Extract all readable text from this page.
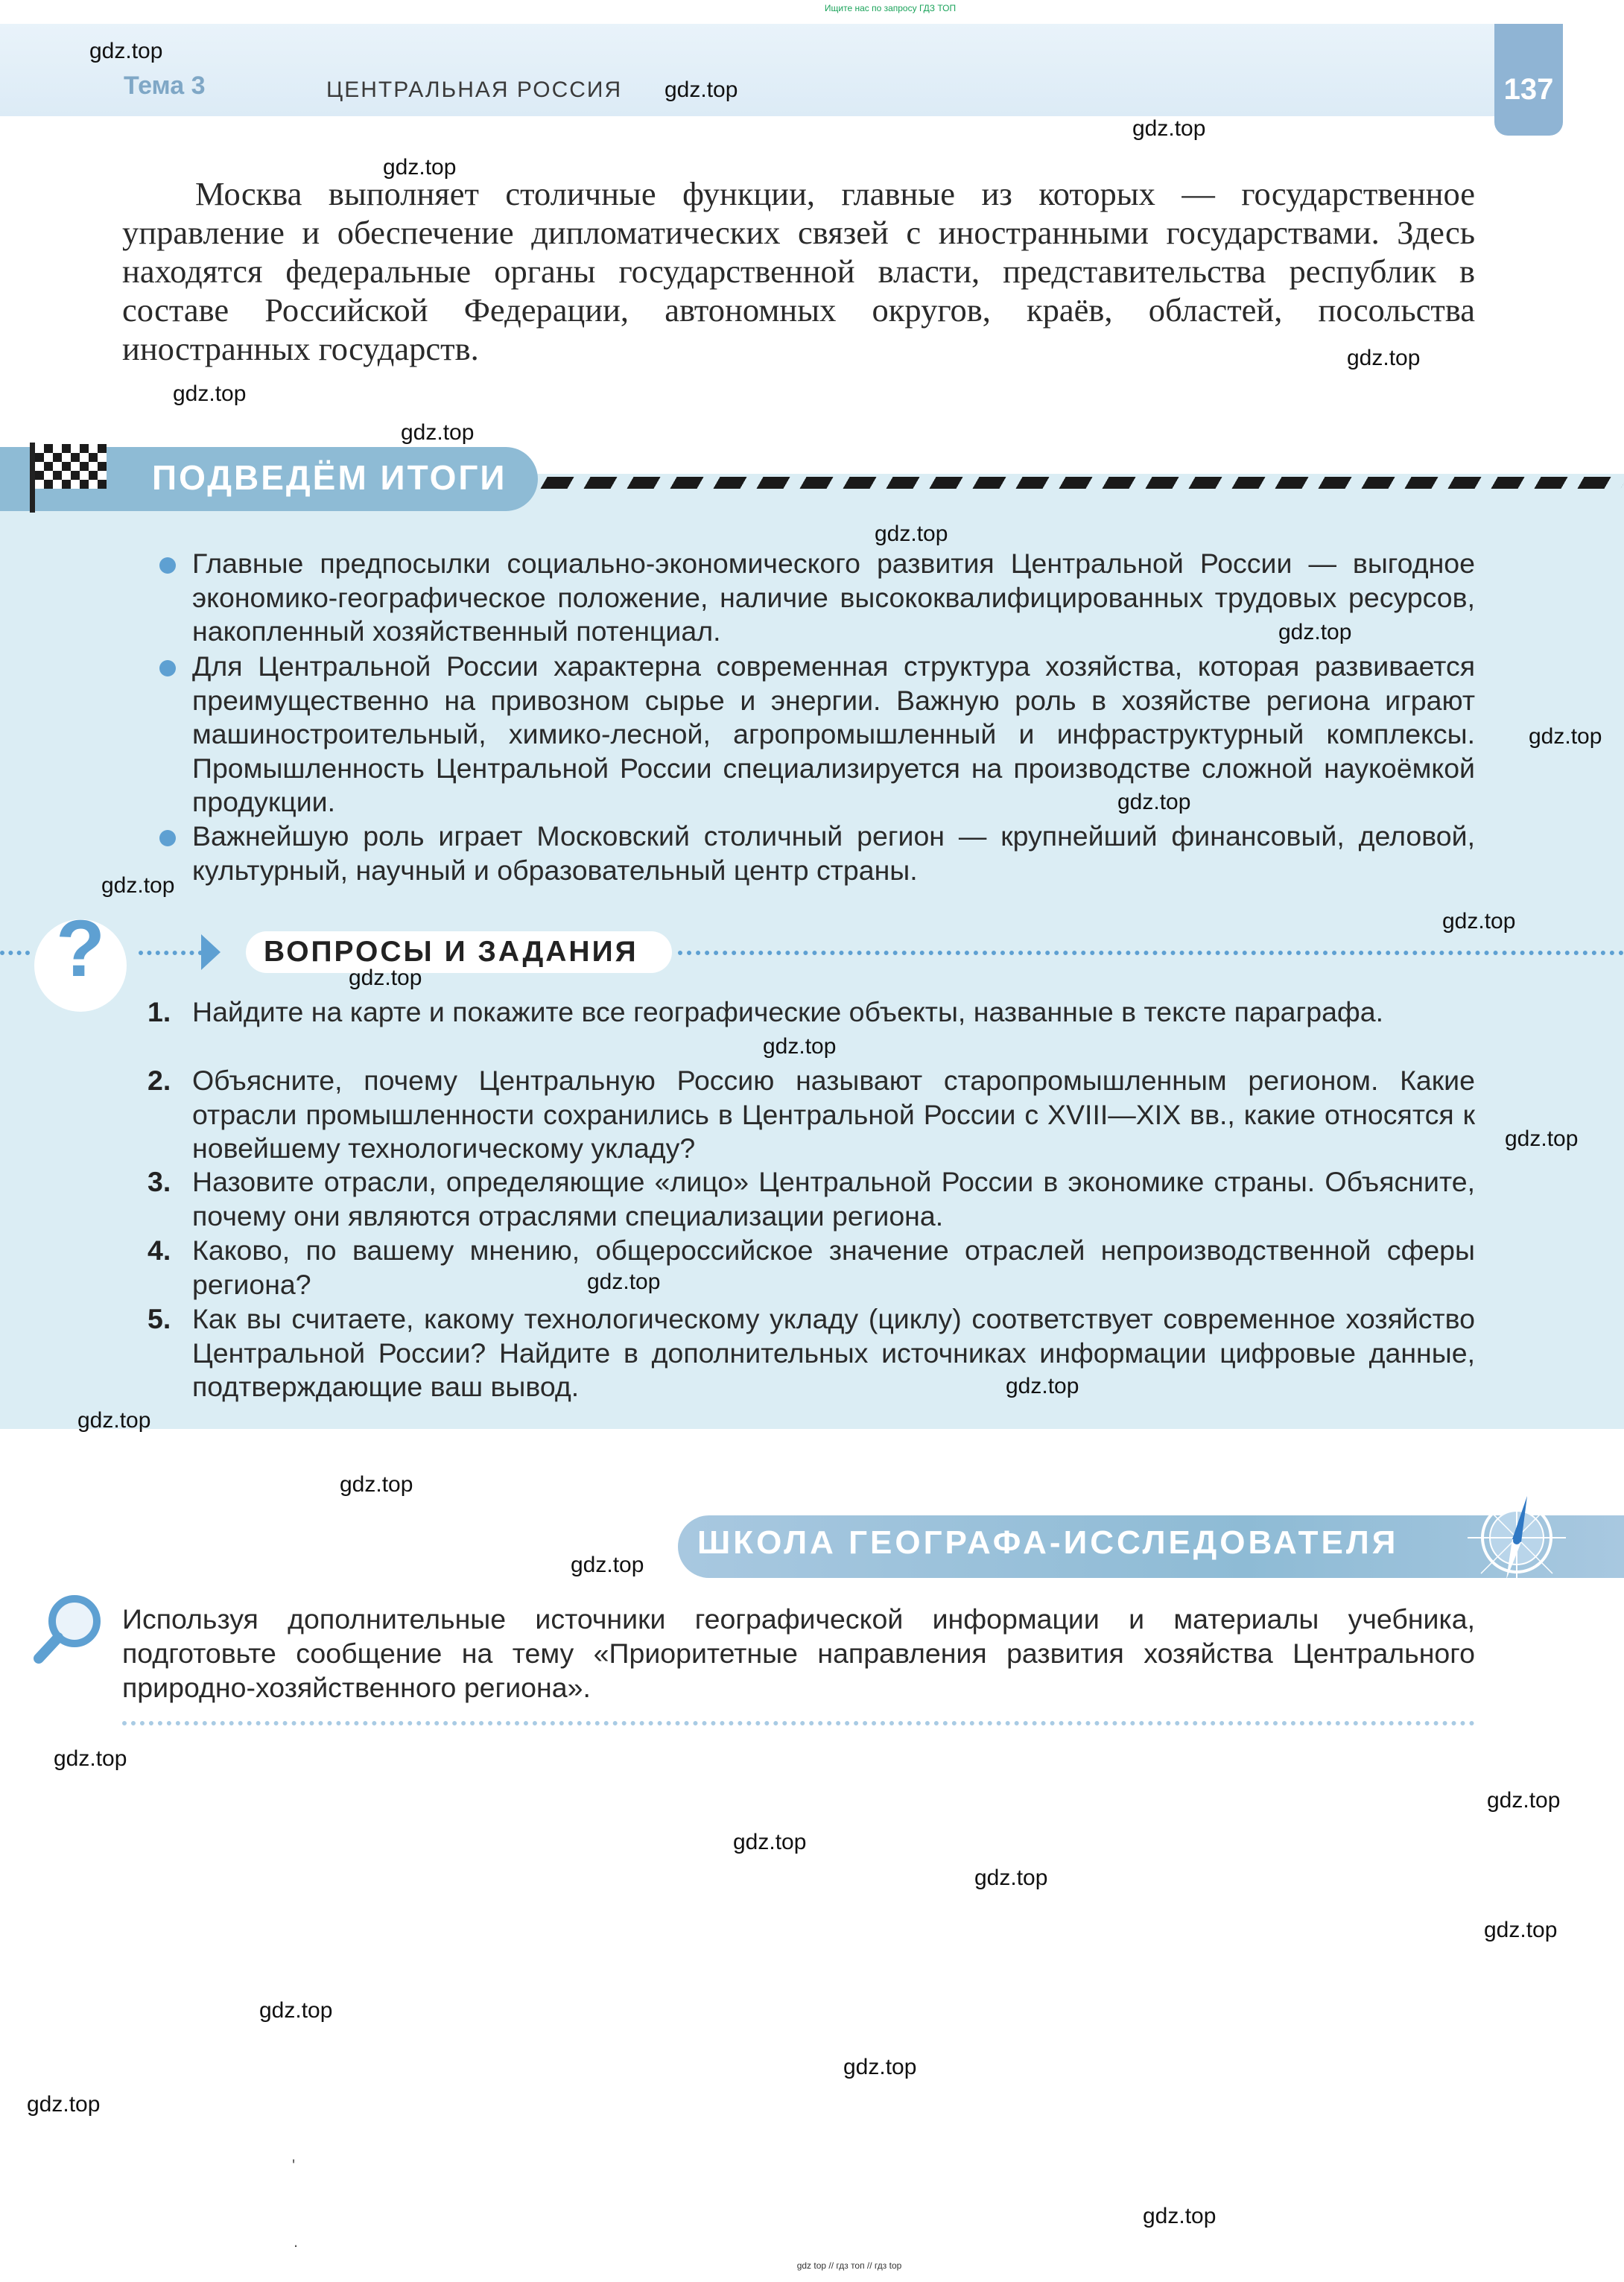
Ищите нас по запросу ГДЗ ТОП
Тема 3	ЦЕНТРАЛЬНАЯ РОССИЯ	137
Москва выполняет столичные функции, главные из которых — государственное управление и обеспечение дипломатических связей с иностранными государствами. Здесь находятся федеральные органы государственной власти, представительства республик в составе Российской Федерации, автономных округов, краёв, областей, посольства иностранных государств.
ПОДВЕДЁМ ИТОГИ
Главные предпосылки социально-экономического развития Центральной России — выгодное экономико-географическое положение, наличие высококвалифицированных трудовых ресурсов, накопленный хозяйственный потенциал.
Для Центральной России характерна современная структура хозяйства, которая развивается преимущественно на привозном сырье и энергии. Важную роль в хозяйстве региона играют машиностроительный, химико-лесной, агропромышленный и инфраструктурный комплексы. Промышленность Центральной России специализируется на производстве сложной наукоёмкой продукции.
Важнейшую роль играет Московский столичный регион — крупнейший финансовый, деловой, культурный, научный и образовательный центр страны.
?	ВОПРОСЫ И ЗАДАНИЯ
1. Найдите на карте и покажите все географические объекты, названные в тексте параграфа.
2. Объясните, почему Центральную Россию называют старопромышленным регионом. Какие отрасли промышленности сохранились в Центральной России с XVIII—XIX вв., какие относятся к новейшему технологическому укладу?
3. Назовите отрасли, определяющие «лицо» Центральной России в экономике страны. Объясните, почему они являются отраслями специализации региона.
4. Каково, по вашему мнению, общероссийское значение отраслей непроизводственной сферы региона?
5. Как вы считаете, какому технологическому укладу (циклу) соответствует современное хозяйство Центральной России? Найдите в дополнительных источниках информации цифровые данные, подтверждающие ваш вывод.
ШКОЛА ГЕОГРАФА-ИССЛЕДОВАТЕЛЯ
Используя дополнительные источники географической информации и материалы учебника, подготовьте сообщение на тему «Приоритетные направления развития хозяйства Центрального природно-хозяйственного региона».
gdz.top
gdz.top
gdz.top
gdz.top
gdz.top
gdz.top
gdz.top
gdz.top
gdz.top
gdz.top
gdz.top
gdz.top
gdz.top
gdz.top
gdz.top
gdz.top
gdz.top
gdz.top
gdz.top
gdz.top
gdz.top
gdz.top
gdz.top
gdz.top
gdz.top
gdz.top
gdz.top
gdz.top
gdz.top
gdz.top
'
.
gdz top // гдз топ // гдз top
